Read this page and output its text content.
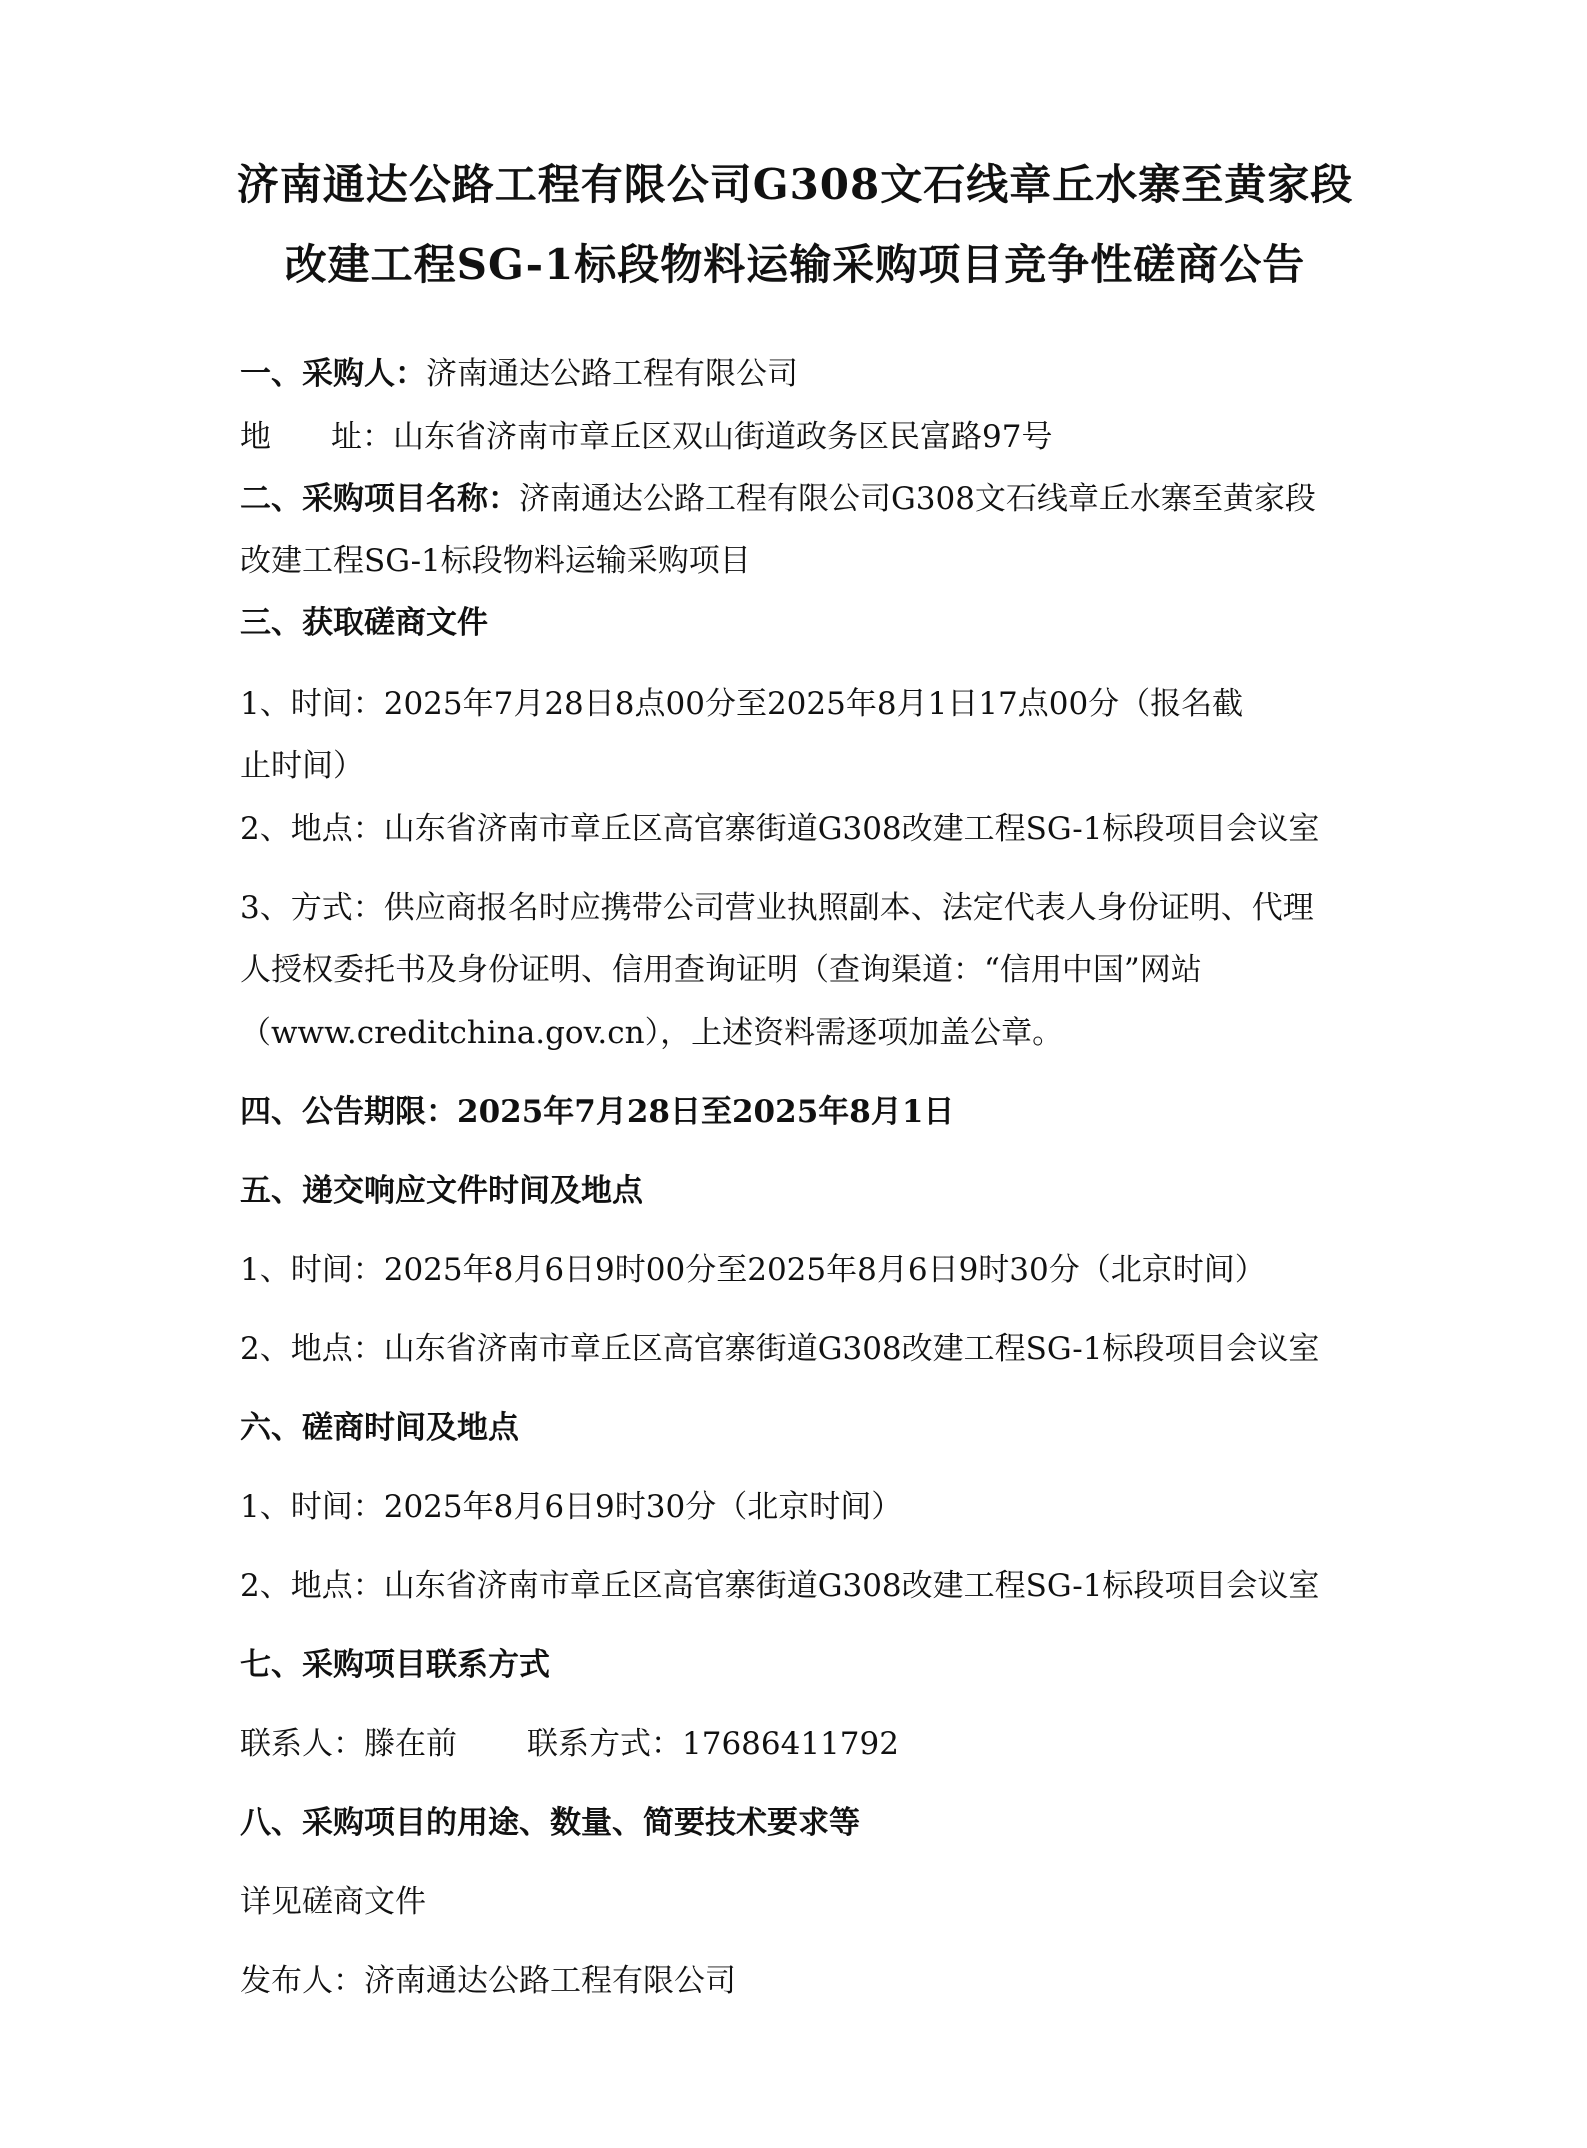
济南通达公路工程有限公司G308文石线章丘水寨至黄家段
改建工程SG-1标段物料运输采购项目竞争性磋商公告
一、采购人：济南通达公路工程有限公司
地 址：山东省济南市章丘区双山街道政务区民富路97号
二、采购项目名称：济南通达公路工程有限公司G308文石线章丘水寨至黄家段
改建工程SG-1标段物料运输采购项目
三、获取磋商文件
1、时间：2025年7月28日8点00分至2025年8月1日17点00分（报名截
止时间）
2、地点：山东省济南市章丘区高官寨街道G308改建工程SG-1标段项目会议室
3、方式：供应商报名时应携带公司营业执照副本、法定代表人身份证明、代理
人授权委托书及身份证明、信用查询证明（查询渠道：“信用中国”网站
（www.creditchina.gov.cn），上述资料需逐项加盖公章。
四、公告期限：2025年7月28日至2025年8月1日
五、递交响应文件时间及地点
1、时间：2025年8月6日9时00分至2025年8月6日9时30分（北京时间）
2、地点：山东省济南市章丘区高官寨街道G308改建工程SG-1标段项目会议室
六、磋商时间及地点
1、时间：2025年8月6日9时30分（北京时间）
2、地点：山东省济南市章丘区高官寨街道G308改建工程SG-1标段项目会议室
七、采购项目联系方式
联系人：滕在前 联系方式：17686411792
八、采购项目的用途、数量、简要技术要求等
详见磋商文件
发布人：济南通达公路工程有限公司
